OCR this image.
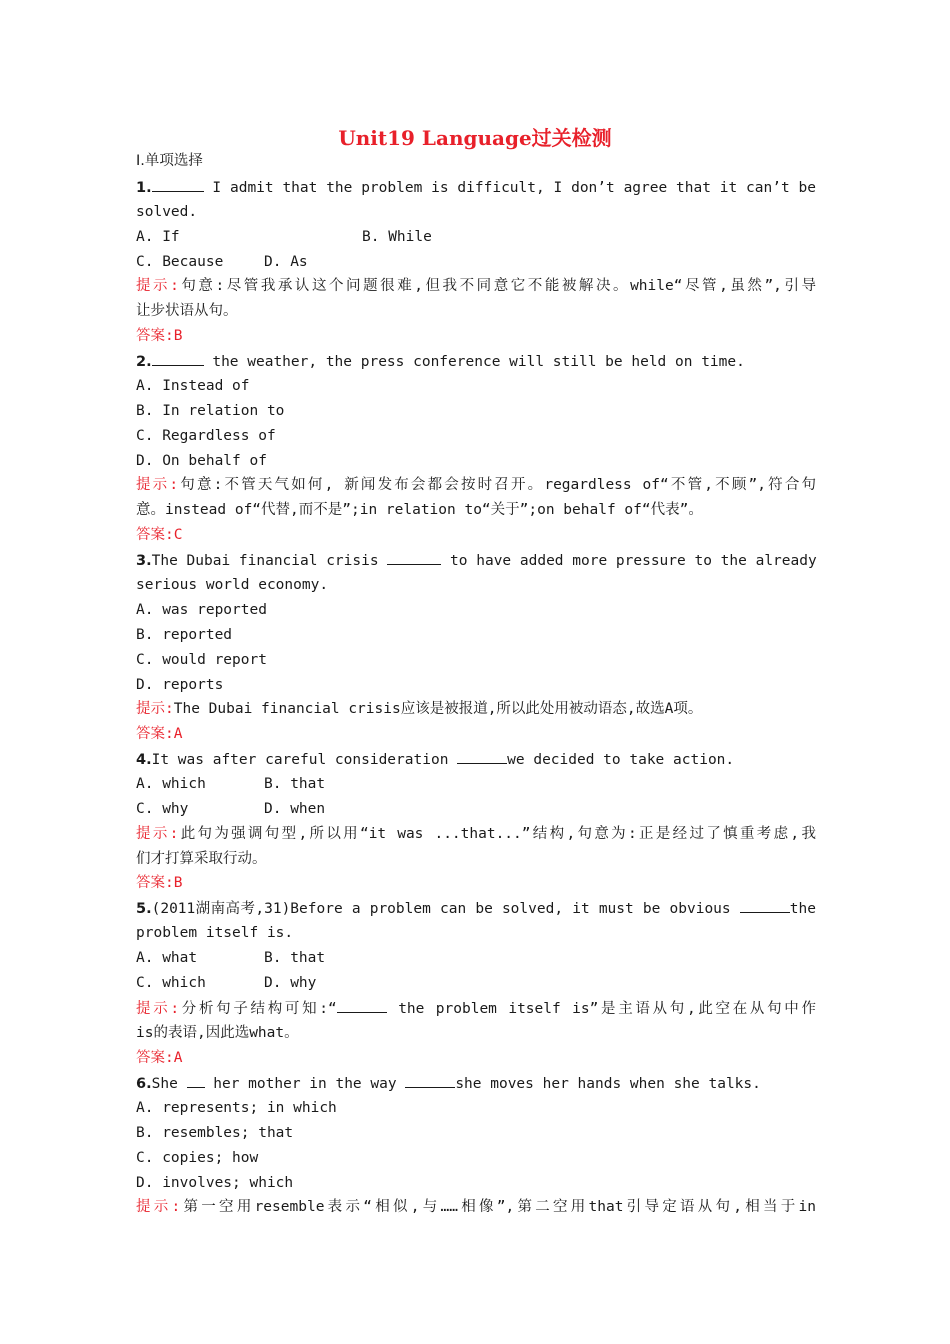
Unit19 Language过关检测
Ⅰ.单项选择
1.	I admit that the problem is difficult, I don’t agree that it can’t be
solved.
A. If	B. While
C. Because	D. As
提示:句意:尽管我承认这个问题很难,但我不同意它不能被解决。while“尽管,虽然”,引导
让步状语从句。
答案:B
2.	the weather, the press conference will still be held on time.
A. Instead of
B. In relation to
C. Regardless of
D. On behalf of
提示:句意:不管天气如何, 新闻发布会都会按时召开。regardless of“不管,不顾”,符合句
意。instead of“代替,而不是”;in relation to“关于”;on behalf of“代表”。
答案:C
3.The Dubai financial crisis	to have added more pressure to the already
serious world economy.
A. was reported
B. reported
C. would report
D. reports
提示:The Dubai financial crisis应该是被报道,所以此处用被动语态,故选A项。
答案:A
4.It was after careful consideration	we decided to take action.
A. which	B. that
C. why	D. when
提示:此句为强调句型,所以用“it was ...that...”结构,句意为:正是经过了慎重考虑,我
们才打算采取行动。
答案:B
5.(2011湖南高考,31)Before a problem can be solved, it must be obvious	the
problem itself is.
A. what	B. that
C. which	D. why
提示:分析句子结构可知:“	the problem itself is”是主语从句,此空在从句中作
is的表语,因此选what。
答案:A
6.She  her mother in the way	she moves her hands when she talks.
A. represents; in which
B. resembles; that
C. copies; how
D. involves; which
提示:第一空用resemble表示“相似,与……相像”,第二空用that引导定语从句,相当于in
